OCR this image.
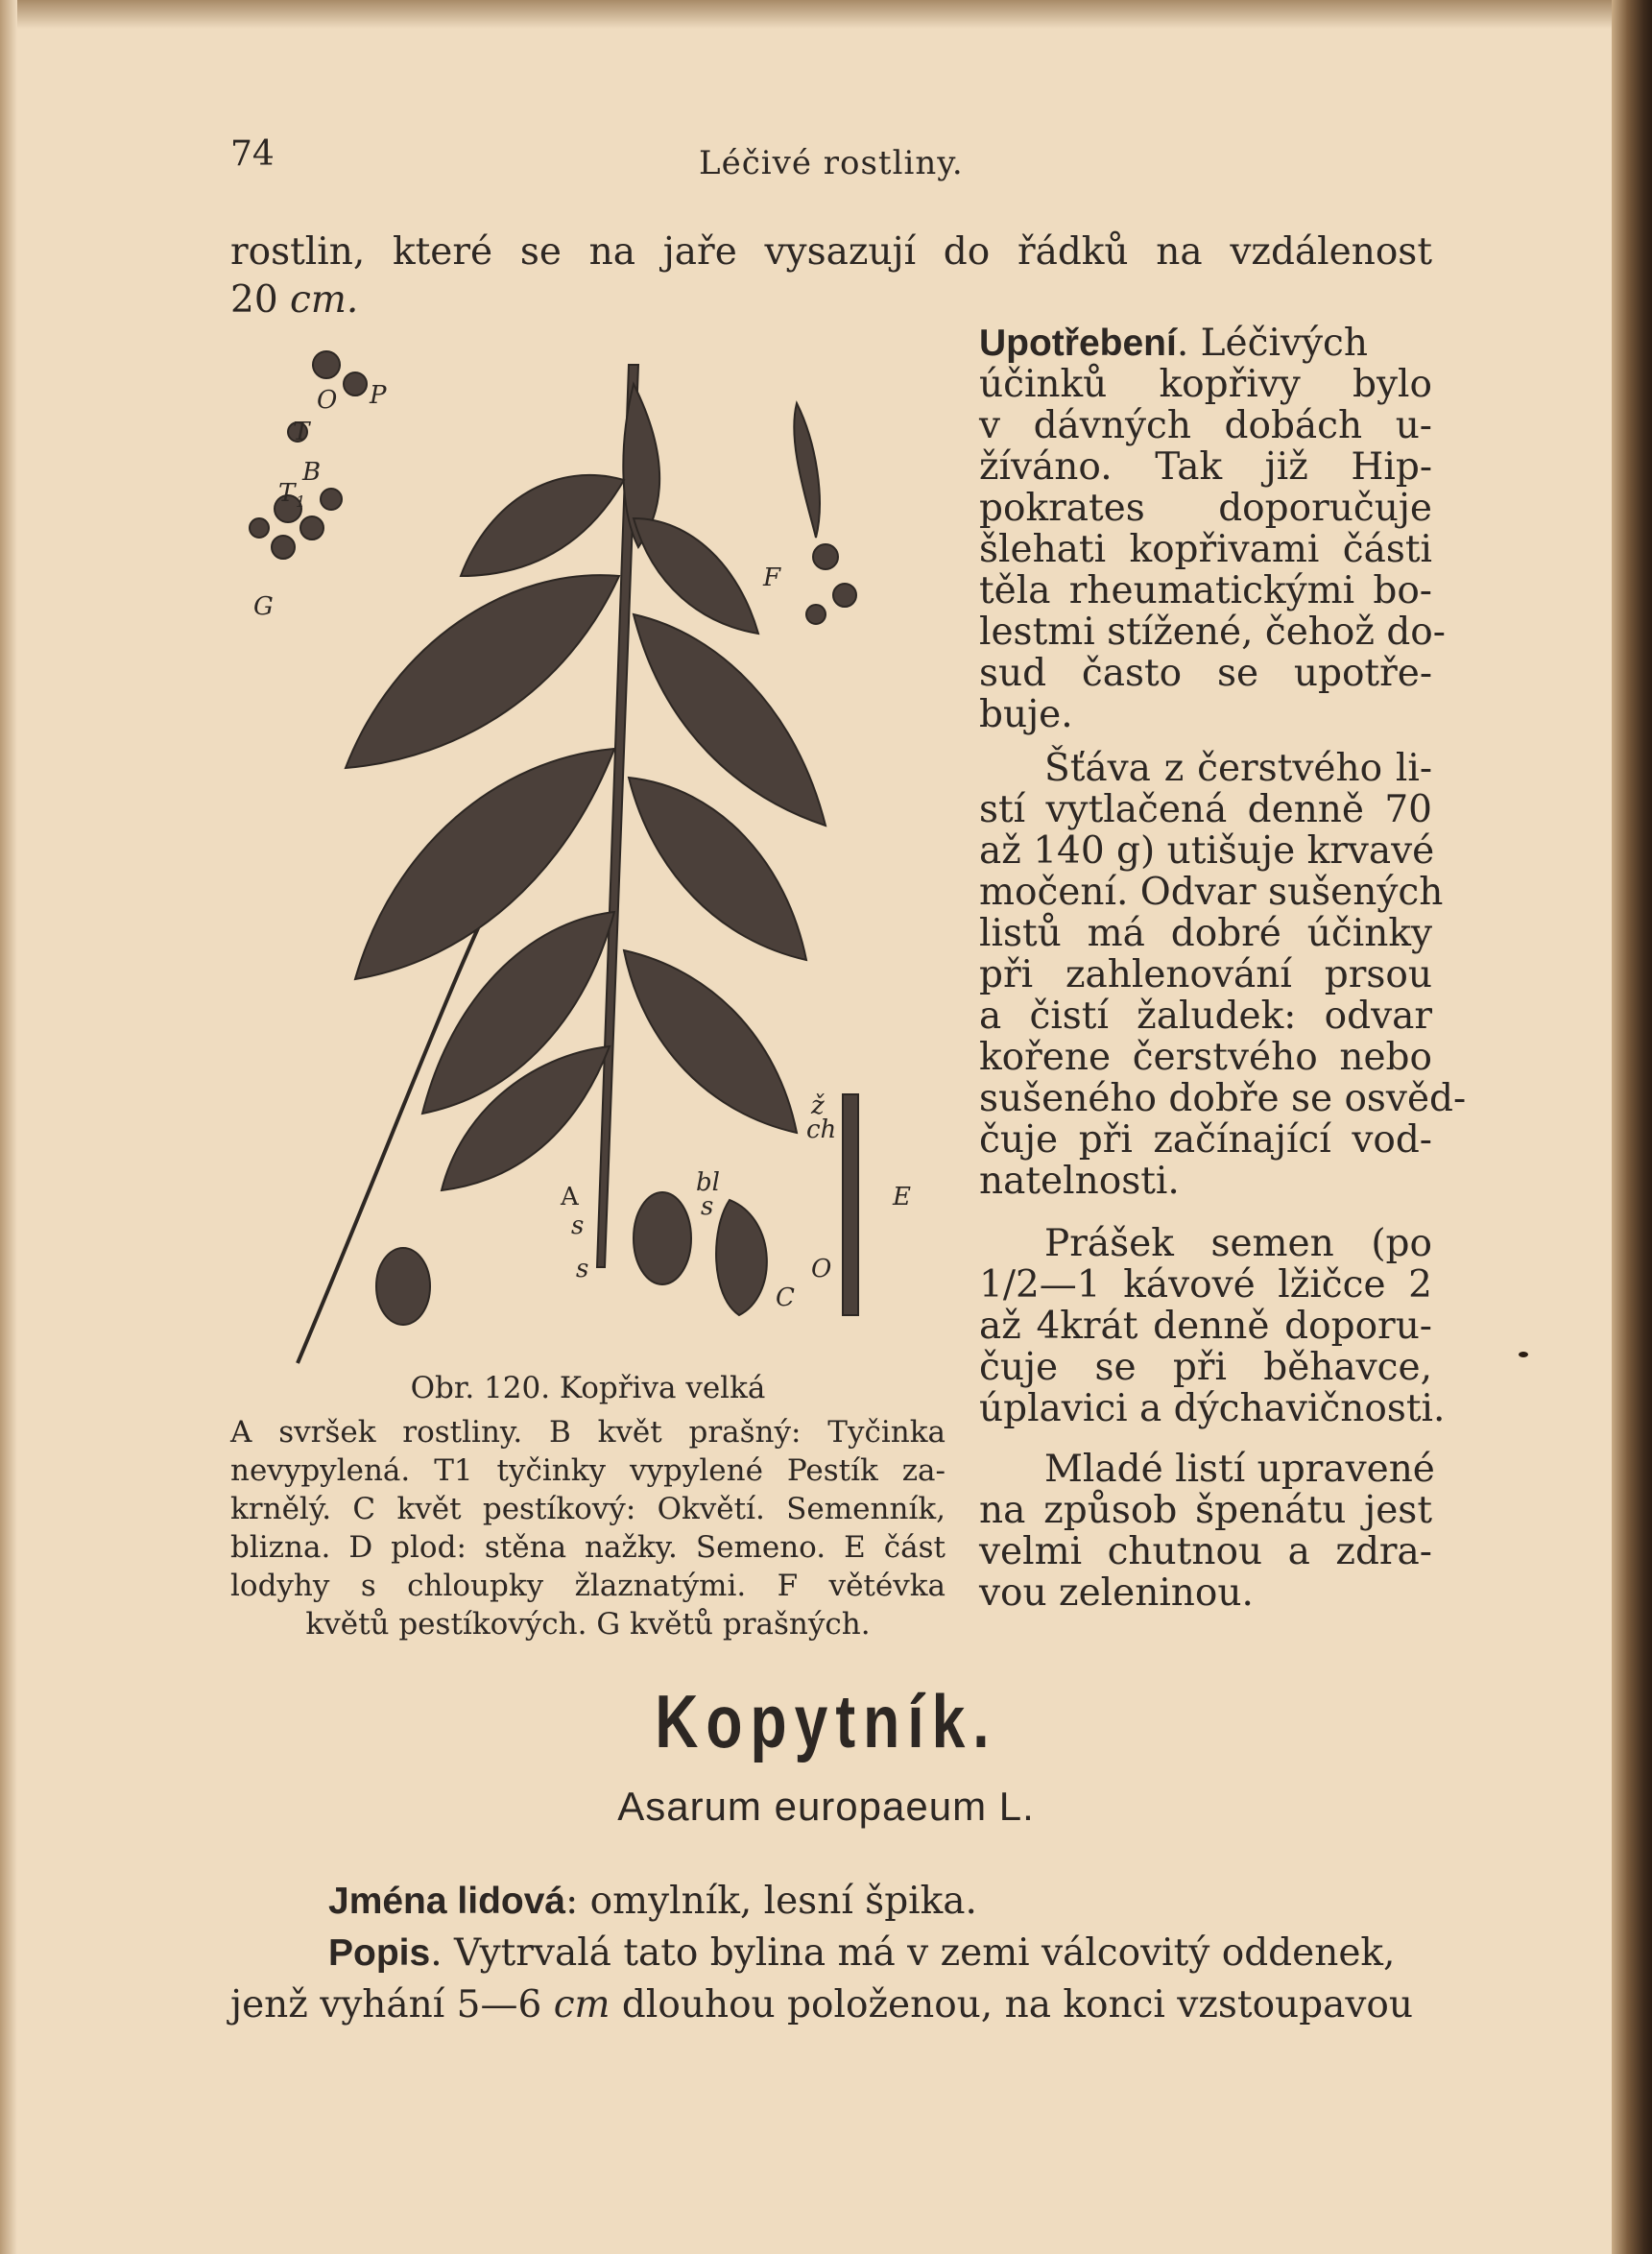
74	Léčivé rostliny.
rostlin, které se na jaře vysazují do řádků na vzdálenost
20 cm.
O P
T
B
T 1
G
F
ž
ch
A
s
s
bl
s
O
C
E
Obr. 120. Kopřiva velká
A svršek rostliny. B květ prašný: Tyčinka
nevypylená. T1 tyčinky vypylené Pestík za-
krnělý. C květ pestíkový: Okvětí. Semenník,
blizna. D plod: stěna nažky. Semeno. E část
lodyhy s chloupky žlaznatými. F větévka
květů pestíkových. G květů prašných.
Upotřebení. Léčivých
účinků kopřivy bylo
v dávných dobách u-
žíváno. Tak již Hip-
pokrates doporučuje
šlehati kopřivami části
těla rheumatickými bo-
lestmi stížené, čehož do-
sud často se upotře-
buje.
Šťáva z čerstvého li-
stí vytlačená denně 70
až 140 g) utišuje krvavé
močení. Odvar sušených
listů má dobré účinky
při zahlenování prsou
a čistí žaludek: odvar
kořene čerstvého nebo
sušeného dobře se osvěd-
čuje při začínající vod-
natelnosti.
Prášek semen (po
1/2—1 kávové lžičce 2
až 4krát denně doporu-
čuje se při běhavce,
úplavici a dýchavičnosti.
Mladé listí upravené
na způsob špenátu jest
velmi chutnou a zdra-
vou zeleninou.
Kopytník.
Asarum europaeum L.
Jména lidová: omylník, lesní špika.
Popis. Vytrvalá tato bylina má v zemi válcovitý oddenek,
jenž vyhání 5—6 cm dlouhou položenou, na konci vzstoupavou
